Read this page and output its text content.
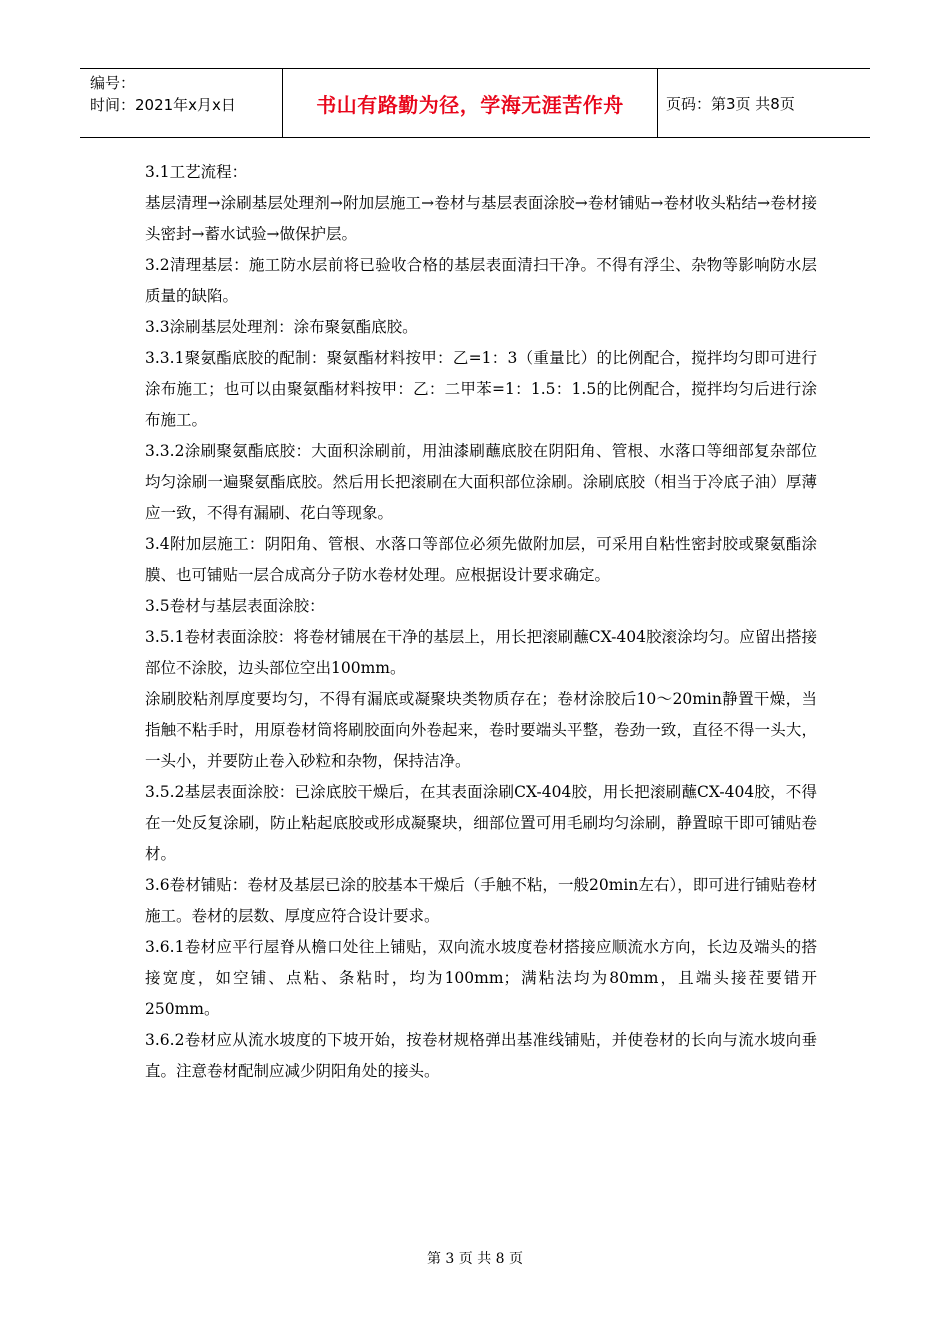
编号：
时间：2021年x月x日	书山有路勤为径，学海无涯苦作舟	页码：第3页 共8页

3.1工艺流程：

基层清理→涂刷基层处理剂→附加层施工→卷材与基层表面涂胶→卷材铺贴→卷材收头粘结→卷材接头密封→蓄水试验→做保护层。

3.2清理基层：施工防水层前将已验收合格的基层表面清扫干净。不得有浮尘、杂物等影响防水层质量的缺陷。

3.3涂刷基层处理剂：涂布聚氨酯底胶。

3.3.1聚氨酯底胶的配制：聚氨酯材料按甲：乙=1：3（重量比）的比例配合，搅拌均匀即可进行涂布施工；也可以由聚氨酯材料按甲：乙：二甲苯=1：1.5：1.5的比例配合，搅拌均匀后进行涂布施工。

3.3.2涂刷聚氨酯底胶：大面积涂刷前，用油漆刷蘸底胶在阴阳角、管根、水落口等细部复杂部位均匀涂刷一遍聚氨酯底胶。然后用长把滚刷在大面积部位涂刷。涂刷底胶（相当于冷底子油）厚薄应一致，不得有漏刷、花白等现象。

3.4附加层施工：阴阳角、管根、水落口等部位必须先做附加层，可采用自粘性密封胶或聚氨酯涂膜、也可铺贴一层合成高分子防水卷材处理。应根据设计要求确定。

3.5卷材与基层表面涂胶：

3.5.1卷材表面涂胶：将卷材铺展在干净的基层上，用长把滚刷蘸CX-404胶滚涂均匀。应留出搭接部位不涂胶，边头部位空出100mm。

涂刷胶粘剂厚度要均匀，不得有漏底或凝聚块类物质存在；卷材涂胶后10～20min静置干燥，当指触不粘手时，用原卷材筒将刷胶面向外卷起来，卷时要端头平整，卷劲一致，直径不得一头大，一头小，并要防止卷入砂粒和杂物，保持洁净。

3.5.2基层表面涂胶：已涂底胶干燥后，在其表面涂刷CX-404胶，用长把滚刷蘸CX-404胶，不得在一处反复涂刷，防止粘起底胶或形成凝聚块，细部位置可用毛刷均匀涂刷，静置晾干即可铺贴卷材。

3.6卷材铺贴：卷材及基层已涂的胶基本干燥后（手触不粘，一般20min左右），即可进行铺贴卷材施工。卷材的层数、厚度应符合设计要求。

3.6.1卷材应平行屋脊从檐口处往上铺贴，双向流水坡度卷材搭接应顺流水方向，长边及端头的搭接宽度，如空铺、点粘、条粘时，均为100mm；满粘法均为80mm，且端头接茬要错开250mm。

3.6.2卷材应从流水坡度的下坡开始，按卷材规格弹出基准线铺贴，并使卷材的长向与流水坡向垂直。注意卷材配制应减少阴阳角处的接头。

第 3 页 共 8 页
